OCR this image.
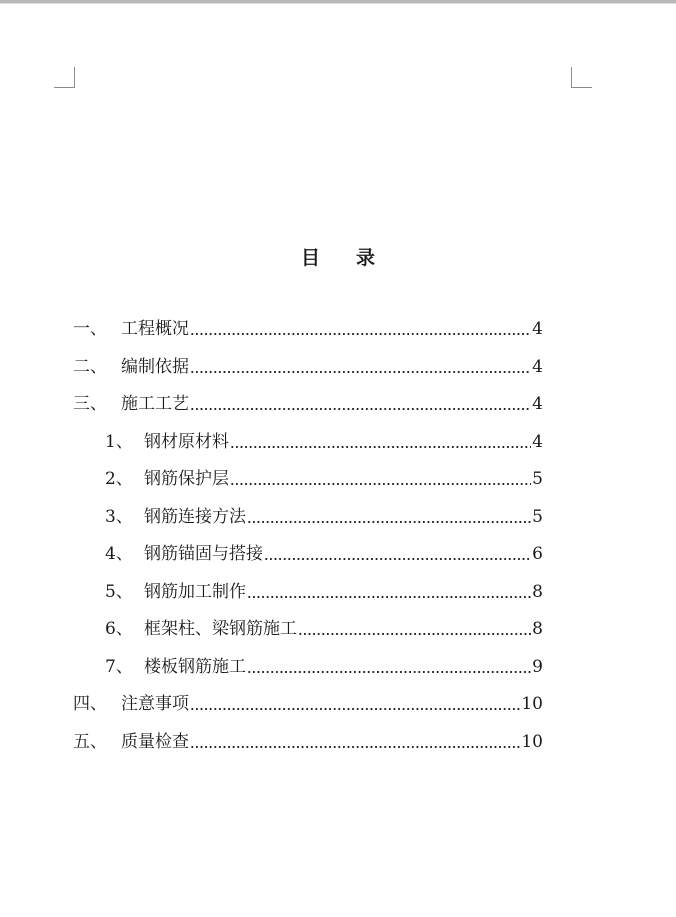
目录
一、 工程概况	4
二、 编制依据	4
三、 施工工艺	4
1、 钢材原材料	4
2、 钢筋保护层	5
3、 钢筋连接方法	5
4、 钢筋锚固与搭接	6
5、 钢筋加工制作	8
6、 框架柱、梁钢筋施工	8
7、 楼板钢筋施工	9
四、 注意事项	10
五、 质量检查	10
